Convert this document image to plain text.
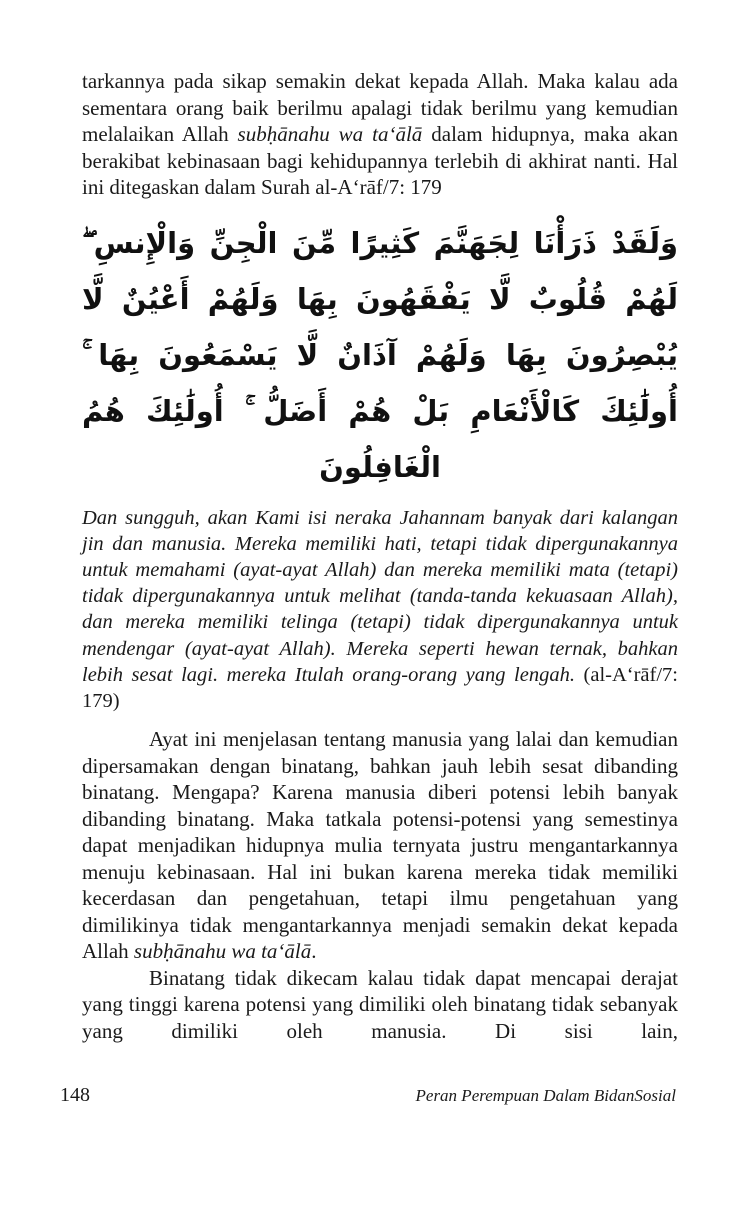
tarkannya pada sikap semakin dekat kepada Allah. Maka kalau ada sementara orang baik berilmu apalagi tidak berilmu yang kemudian melalaikan Allah subḥānahu wa taʻālā dalam hidupnya, maka akan berakibat kebinasaan bagi kehidupannya terlebih di akhirat nanti. Hal ini ditegaskan dalam Surah al-Aʻrāf/7: 179

وَلَقَدْ ذَرَأْنَا لِجَهَنَّمَ كَثِيرًا مِّنَ الْجِنِّ وَالْإِنسِ ۖ لَهُمْ قُلُوبٌ لَّا يَفْقَهُونَ بِهَا وَلَهُمْ أَعْيُنٌ لَّا يُبْصِرُونَ بِهَا وَلَهُمْ آذَانٌ لَّا يَسْمَعُونَ بِهَا ۚ أُولَٰئِكَ كَالْأَنْعَامِ بَلْ هُمْ أَضَلُّ ۚ أُولَٰئِكَ هُمُ الْغَافِلُونَ

Dan sungguh, akan Kami isi neraka Jahannam banyak dari kalangan jin dan manusia. Mereka memiliki hati, tetapi tidak dipergunakannya untuk memahami (ayat-ayat Allah) dan mereka memiliki mata (tetapi) tidak dipergunakannya untuk melihat (tanda-tanda kekuasaan Allah), dan mereka memiliki telinga (tetapi) tidak dipergunakannya untuk mendengar (ayat-ayat Allah). Mereka seperti hewan ternak, bahkan lebih sesat lagi. mereka Itulah orang-orang yang lengah. (al-Aʻrāf/7: 179)

Ayat ini menjelasan tentang manusia yang lalai dan kemudian dipersamakan dengan binatang, bahkan jauh lebih sesat dibanding binatang. Mengapa? Karena manusia diberi potensi lebih banyak dibanding binatang. Maka tatkala potensi-potensi yang semestinya dapat menjadikan hidupnya mulia ternyata justru mengantarkannya menuju kebinasaan. Hal ini bukan karena mereka tidak memiliki kecerdasan dan pengetahuan, tetapi ilmu pengetahuan yang dimilikinya tidak mengantarkannya menjadi semakin dekat kepada Allah subḥānahu wa taʻālā.

Binatang tidak dikecam kalau tidak dapat mencapai derajat yang tinggi karena potensi yang dimiliki oleh binatang tidak sebanyak yang dimiliki oleh manusia. Di sisi lain,

148	Peran Perempuan Dalam BidanSosial
